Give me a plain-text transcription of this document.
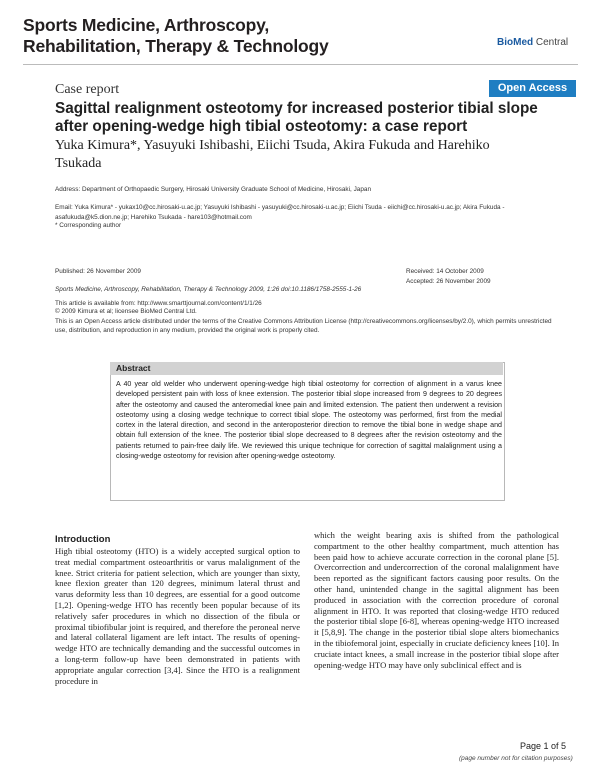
Sports Medicine, Arthroscopy,
Rehabilitation, Therapy & Technology	BioMed Central
Case report	Open Access
Sagittal realignment osteotomy for increased posterior tibial slope after opening-wedge high tibial osteotomy: a case report
Yuka Kimura*, Yasuyuki Ishibashi, Eiichi Tsuda, Akira Fukuda and Harehiko Tsukada
Address: Department of Orthopaedic Surgery, Hirosaki University Graduate School of Medicine, Hirosaki, Japan
Email: Yuka Kimura* - yukax10@cc.hirosaki-u.ac.jp; Yasuyuki Ishibashi - yasuyuki@cc.hirosaki-u.ac.jp; Eiichi Tsuda - eiichi@cc.hirosaki-u.ac.jp; Akira Fukuda - asafukuda@k5.dion.ne.jp; Harehiko Tsukada - hare103@hotmail.com
* Corresponding author
Published: 26 November 2009
Sports Medicine, Arthroscopy, Rehabilitation, Therapy & Technology 2009, 1:26 doi:10.1186/1758-2555-1-26
This article is available from: http://www.smarttjournal.com/content/1/1/26
Received: 14 October 2009
Accepted: 26 November 2009
© 2009 Kimura et al; licensee BioMed Central Ltd.
This is an Open Access article distributed under the terms of the Creative Commons Attribution License (http://creativecommons.org/licenses/by/2.0), which permits unrestricted use, distribution, and reproduction in any medium, provided the original work is properly cited.
Abstract
A 40 year old welder who underwent opening-wedge high tibial osteotomy for correction of alignment in a varus knee developed persistent pain with loss of knee extension. The posterior tibial slope increased from 9 degrees to 20 degrees after the osteotomy and caused the anteromedial knee pain and limited extension. The patient then underwent a revision osteotomy using a closing wedge technique to correct tibial slope. The osteotomy was performed, first from the medial cortex in the lateral direction, and second in the anteroposterior direction to remove the tibial bone in wedge shape and obtain full extension of the knee. The posterior tibial slope decreased to 8 degrees after the revision osteotomy and the patients returned to pain-free daily life. We reviewed this unique technique for correction of sagittal malalignment using a closing-wedge osteotomy for revision after opening-wedge osteotomy.
Introduction
High tibial osteotomy (HTO) is a widely accepted surgical option to treat medial compartment osteoarthritis or varus malalignment of the knee. Strict criteria for patient selection, which are younger than sixty, knee flexion greater than 120 degrees, minimum lateral thrust and varus deformity less than 10 degrees, are essential for a good outcome [1,2]. Opening-wedge HTO has recently been popular because of its relatively safer procedures in which no dissection of the fibula or proximal tibiofibular joint is required, and therefore the peroneal nerve and lateral collateral ligament are left intact. The results of opening-wedge HTO are technically demanding and the successful outcomes in a long-term follow-up have been demonstrated in patients with appropriate angular correction [3,4]. Since the HTO is a realignment procedure in
which the weight bearing axis is shifted from the pathological compartment to the other healthy compartment, much attention has been paid how to achieve accurate correction in the coronal plane [5]. Overcorrection and undercorrection of the coronal malalignment have been reported as the significant factors causing poor results. On the other hand, unintended change in the sagittal alignment has been produced in association with the correction procedure of coronal alignment in HTO. It was reported that closing-wedge HTO reduced the posterior tibial slope [6-8], whereas opening-wedge HTO increased it [5,8,9]. The change in the posterior tibial slope alters biomechanics in the tibiofemoral joint, especially in cruciate deficiency knees [10]. In cruciate intact knees, a small increase in the posterior tibial slope after opening-wedge HTO may have only subclinical effect and is
Page 1 of 5
(page number not for citation purposes)
